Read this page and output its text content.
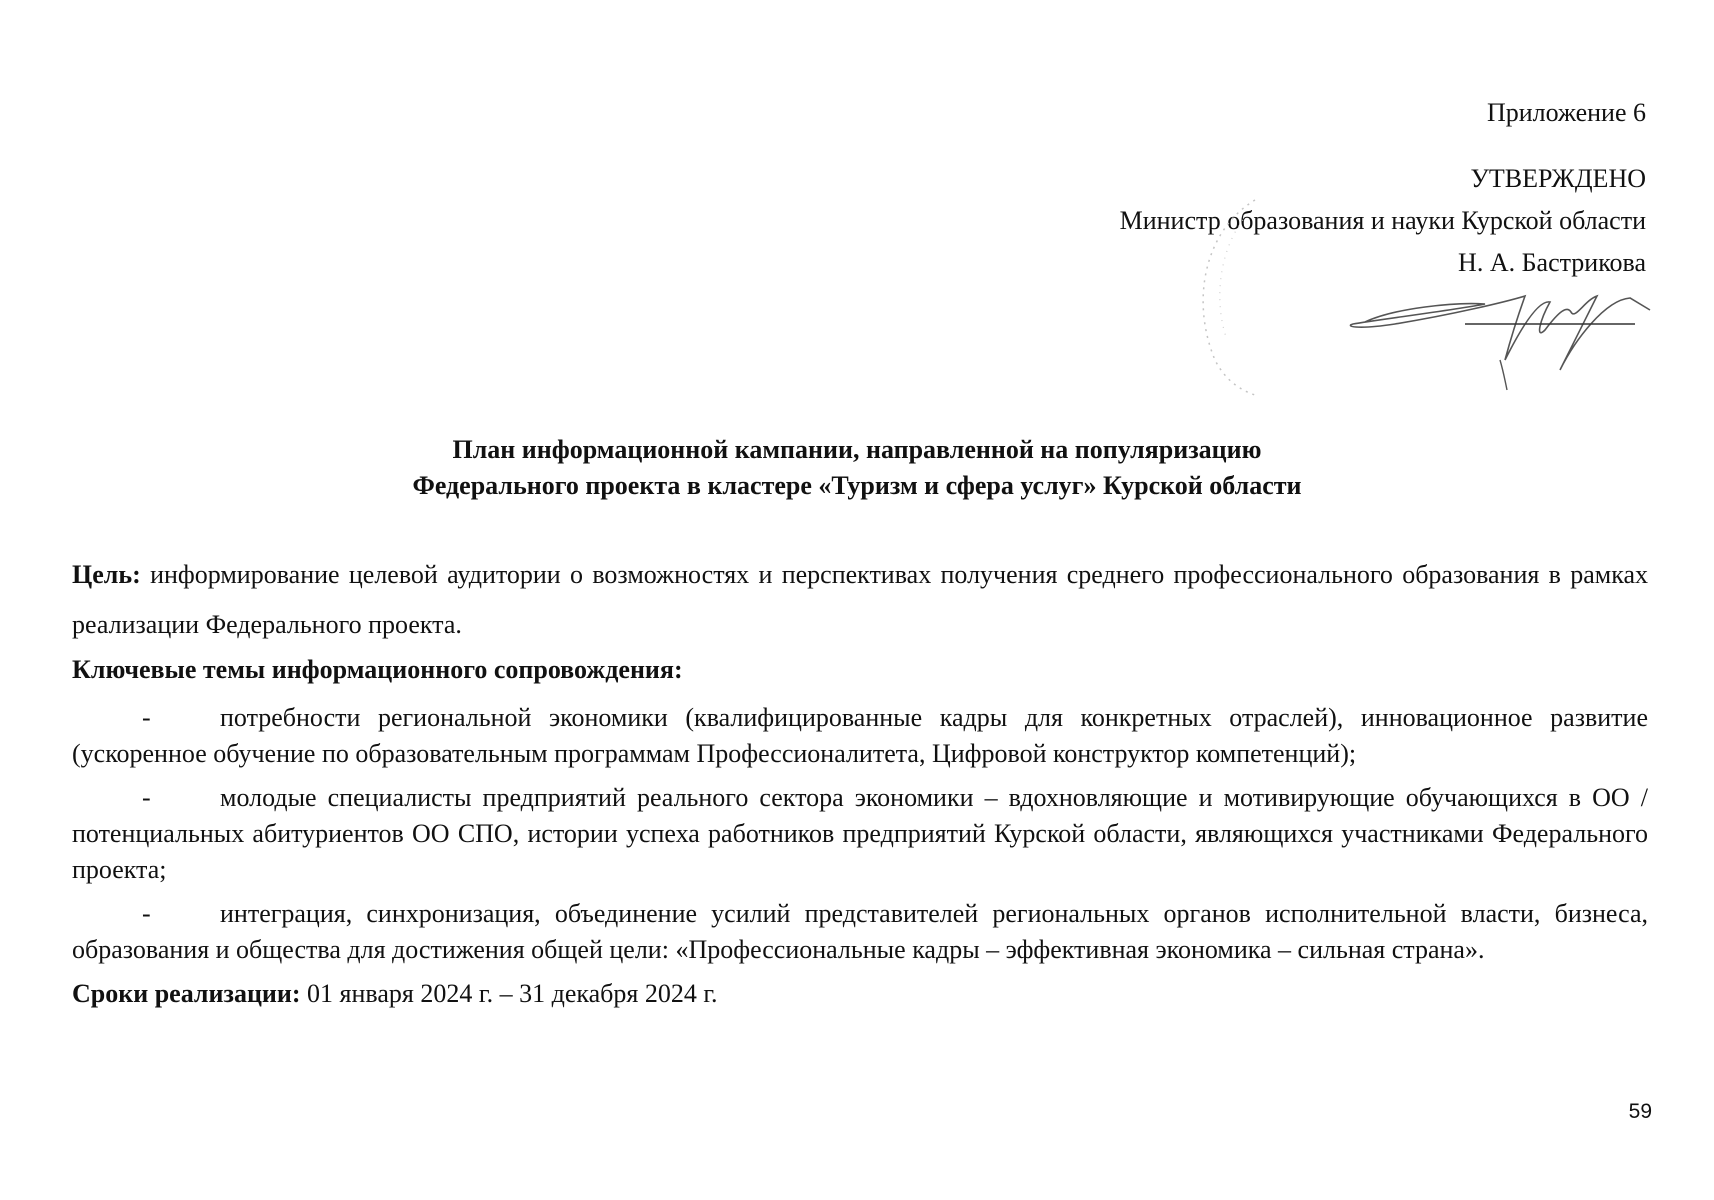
Приложение 6
УТВЕРЖДЕНО
Министр образования и науки Курской области
Н. А. Бастрикова
План информационной кампании, направленной на популяризацию
Федерального проекта в кластере «Туризм и сфера услуг» Курской области

Цель: информирование целевой аудитории о возможностях и перспективах получения среднего профессионального образования в рамках реализации Федерального проекта.

Ключевые темы информационного сопровождения:

-	потребности региональной экономики (квалифицированные кадры для конкретных отраслей), инновационное развитие (ускоренное обучение по образовательным программам Профессионалитета, Цифровой конструктор компетенций);

-	молодые специалисты предприятий реального сектора экономики – вдохновляющие и мотивирующие обучающихся в ОО / потенциальных абитуриентов ОО СПО, истории успеха работников предприятий Курской области, являющихся участниками Федерального проекта;

-	интеграция, синхронизация, объединение усилий представителей региональных органов исполнительной власти, бизнеса, образования и общества для достижения общей цели: «Профессиональные кадры – эффективная экономика – сильная страна».

Сроки реализации: 01 января 2024 г. – 31 декабря 2024 г.

59
